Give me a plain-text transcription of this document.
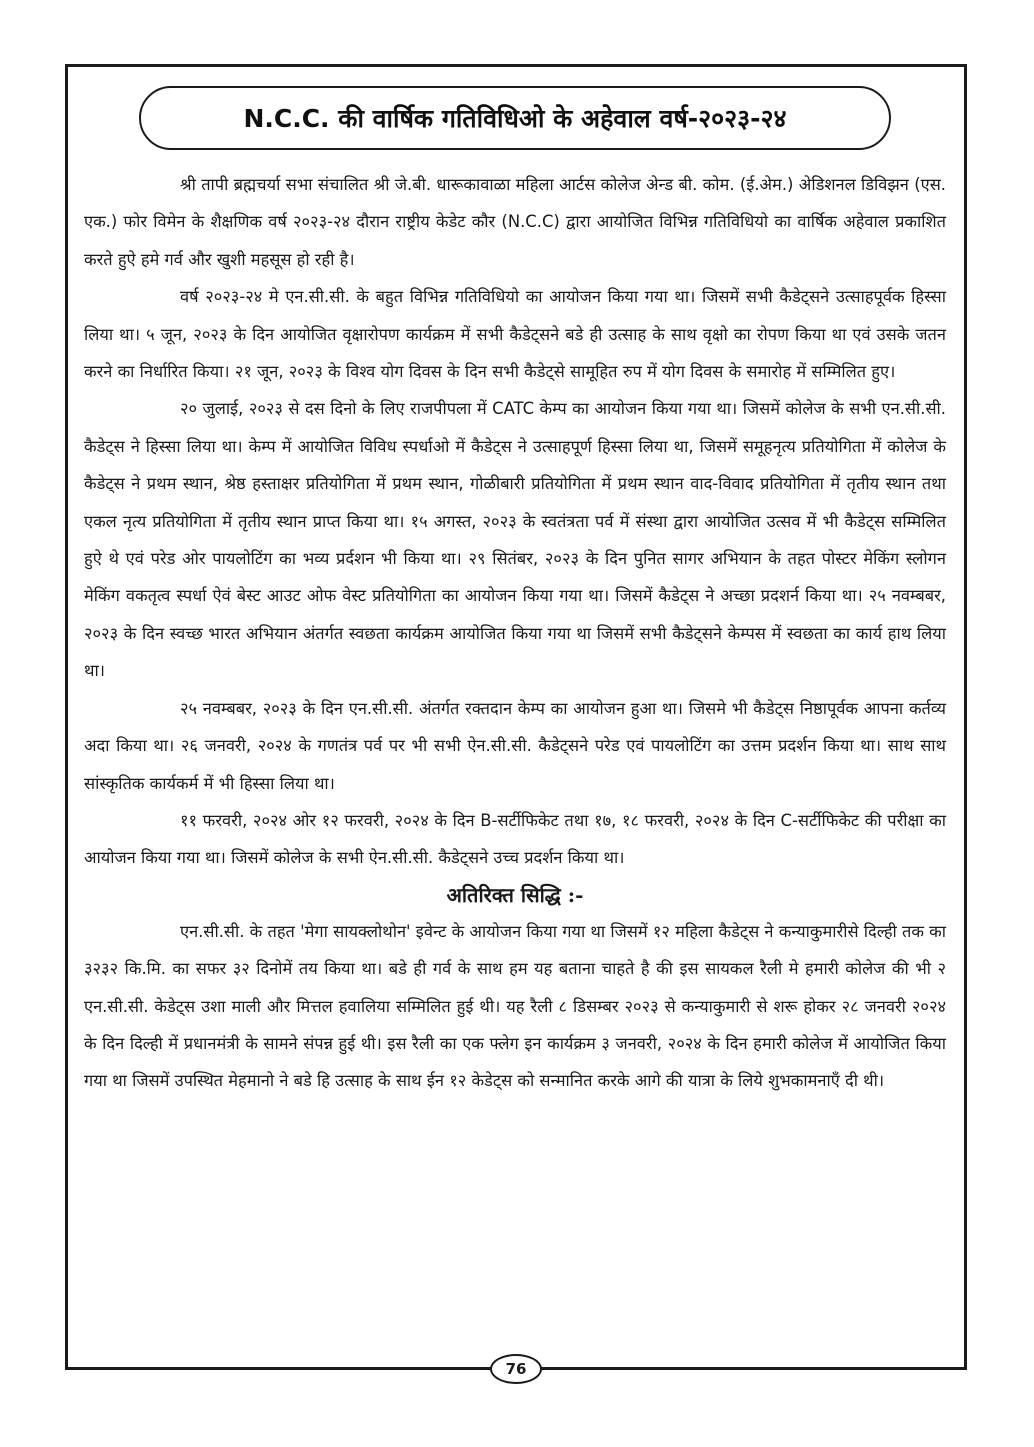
N.C.C. की वार्षिक गतिविधिओ के अहेवाल वर्ष-२०२३-२४

श्री तापी ब्रह्मचर्या सभा संचालित श्री जे.बी. धारूकावाळा महिला आर्टस कोलेज अेन्ड बी. कोम. (ई.अेम.) अेडिशनल डिविझन (एस. एक.) फोर विमेन के शैक्षणिक वर्ष २०२३-२४ दौरान राष्ट्रीय केडेट कौर (N.C.C) द्वारा आयोजित विभिन्न गतिविधियो का वार्षिक अहेवाल प्रकाशित करते हुऐ हमे गर्व और खुशी महसूस हो रही है।

वर्ष २०२३-२४ मे एन.सी.सी. के बहुत विभिन्न गतिविधियो का आयोजन किया गया था। जिसमें सभी कैडेट्सने उत्साहपूर्वक हिस्सा लिया था। ५ जून, २०२३ के दिन आयोजित वृक्षारोपण कार्यक्रम में सभी कैडेट्सने बडे ही उत्साह के साथ वृक्षो का रोपण किया था एवं उसके जतन करने का निर्धारित किया। २१ जून, २०२३ के विश्व योग दिवस के दिन सभी कैडेट्से सामूहित रुप में योग दिवस के समारोह में सम्मिलित हुए।

२० जुलाई, २०२३ से दस दिनो के लिए राजपीपला में CATC केम्प का आयोजन किया गया था। जिसमें कोलेज के सभी एन.सी.सी. कैडेट्स ने हिस्सा लिया था। केम्प में आयोजित विविध स्पर्धाओ में कैडेट्स ने उत्साहपूर्ण हिस्सा लिया था, जिसमें समूहनृत्य प्रतियोगिता में कोलेज के कैडेट्स ने प्रथम स्थान, श्रेष्ठ हस्ताक्षर प्रतियोगिता में प्रथम स्थान, गोळीबारी प्रतियोगिता में प्रथम स्थान वाद-विवाद प्रतियोगिता में तृतीय स्थान तथा एकल नृत्य प्रतियोगिता में तृतीय स्थान प्राप्त किया था। १५ अगस्त, २०२३ के स्वतंत्रता पर्व में संस्था द्वारा आयोजित उत्सव में भी कैडेट्स सम्मिलित हुऐ थे एवं परेड ओर पायलोटिंग का भव्य प्रर्दशन भी किया था। २९ सितंबर, २०२३ के दिन पुनित सागर अभियान के तहत पोस्टर मेकिंग स्लोगन मेकिंग वकतृत्व स्पर्धा ऐवं बेस्ट आउट ओफ वेस्ट प्रतियोगिता का आयोजन किया गया था। जिसमें कैडेट्स ने अच्छा प्रदशर्न किया था। २५ नवम्बबर, २०२३ के दिन स्वच्छ भारत अभियान अंतर्गत स्वछता कार्यक्रम आयोजित किया गया था जिसमें सभी कैडेट्सने केम्पस में स्वछता का कार्य हाथ लिया था।

२५ नवम्बबर, २०२३ के दिन एन.सी.सी. अंतर्गत रक्तदान केम्प का आयोजन हुआ था। जिसमे भी कैडेट्स निष्ठापूर्वक आपना कर्तव्य अदा किया था। २६ जनवरी, २०२४ के गणतंत्र पर्व पर भी सभी ऐन.सी.सी. कैडेट्सने परेड एवं पायलोटिंग का उत्तम प्रदर्शन किया था। साथ साथ सांस्कृतिक कार्यकर्म में भी हिस्सा लिया था।

११ फरवरी, २०२४ ओर १२ फरवरी, २०२४ के दिन B-सर्टीफिकेट तथा १७, १८ फरवरी, २०२४ के दिन C-सर्टीफिकेट की परीक्षा का आयोजन किया गया था। जिसमें कोलेज के सभी ऐन.सी.सी. कैडेट्सने उच्च प्रदर्शन किया था।

अतिरिक्त सिद्धि :-

एन.सी.सी. के तहत 'मेगा सायक्लोथोन' इवेन्ट के आयोजन किया गया था जिसमें १२ महिला कैडेट्स ने कन्याकुमारीसे दिल्ही तक का ३२३२ कि.मि. का सफर ३२ दिनोमें तय किया था। बडे ही गर्व के साथ हम यह बताना चाहते है की इस सायकल रैली मे हमारी कोलेज की भी २ एन.सी.सी. केडेट्स उशा माली और मित्तल हवालिया सम्मिलित हुई थी। यह रैली ८ डिसम्बर २०२३ से कन्याकुमारी से शरू होकर २८ जनवरी २०२४ के दिन दिल्ही में प्रधानमंत्री के सामने संपन्न हुई थी। इस रैली का एक फ्लेग इन कार्यक्रम ३ जनवरी, २०२४ के दिन हमारी कोलेज में आयोजित किया गया था जिसमें उपस्थित मेहमानो ने बडे हि उत्साह के साथ ईन १२ केडेट्स को सन्मानित करके आगे की यात्रा के लिये शुभकामनाएँ दी थी।

76
